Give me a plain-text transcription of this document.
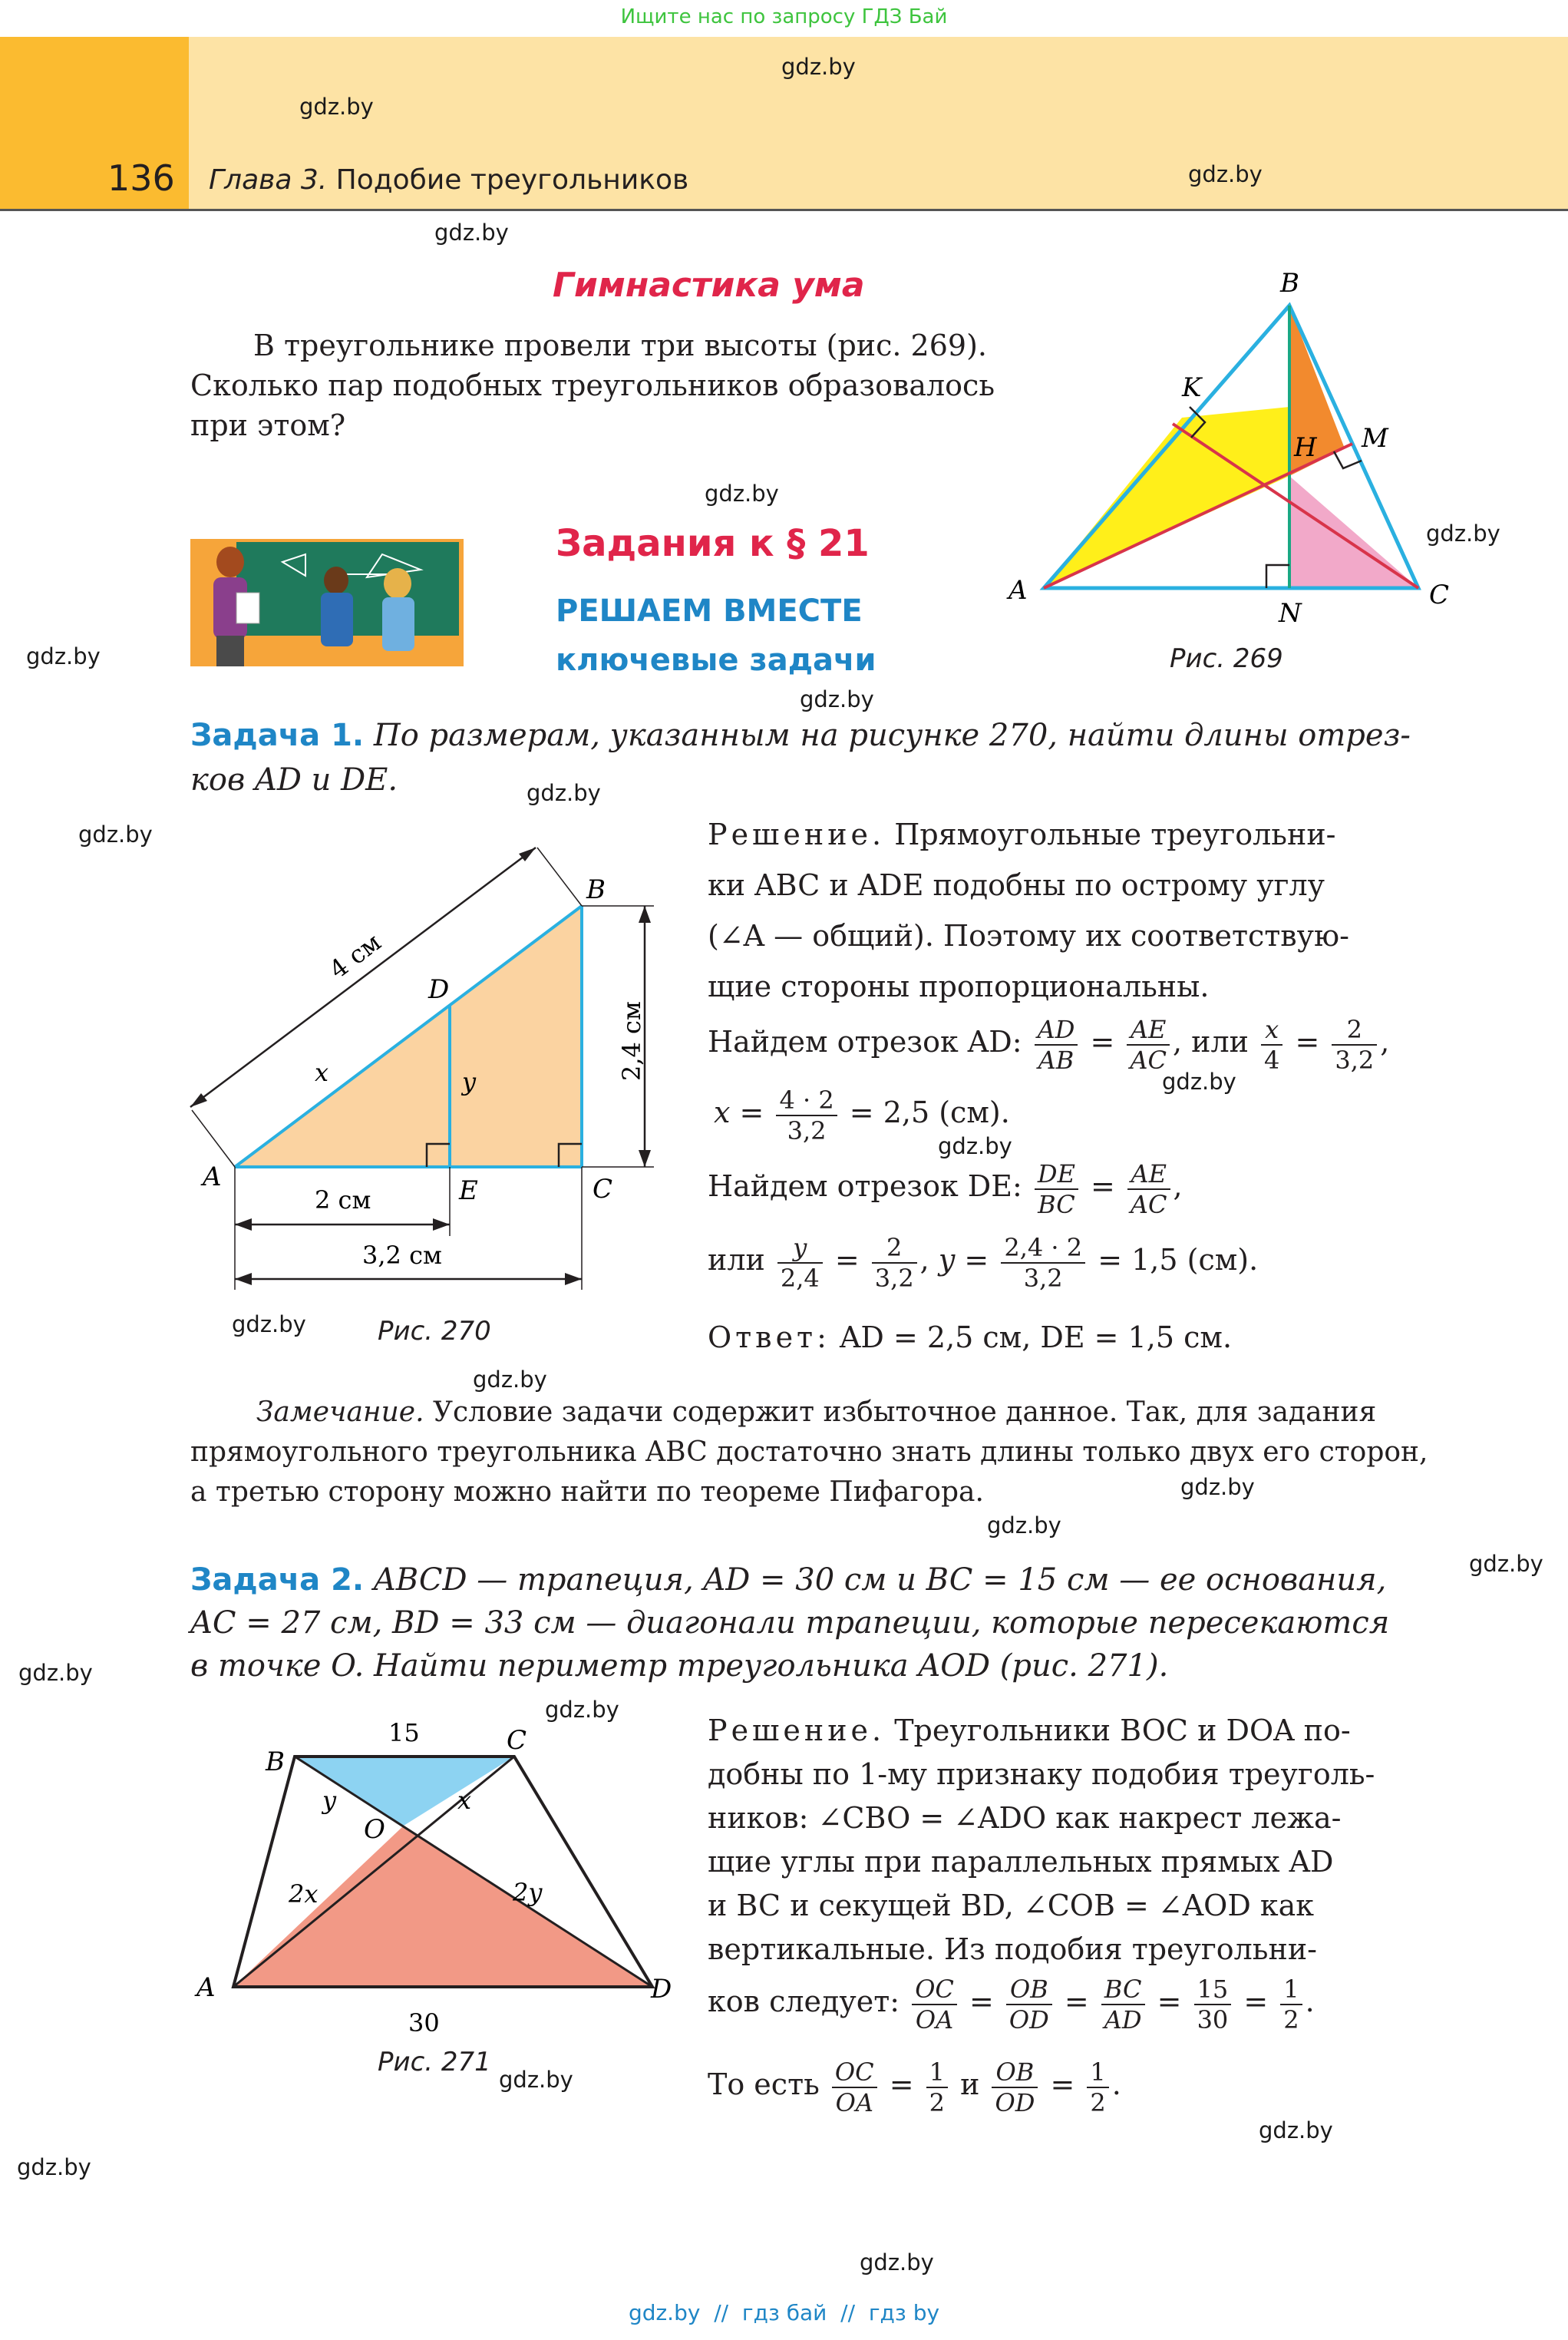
Ищите нас по запросу ГДЗ Бай
136 Глава 3. Подобие треугольников
gdz.by
gdz.by
gdz.by
gdz.by
gdz.by
gdz.by
gdz.by
gdz.by
gdz.by
gdz.by
gdz.by
gdz.by
gdz.by
gdz.by
gdz.by
gdz.by
gdz.by
gdz.by
gdz.by
gdz.by
gdz.by
gdz.by
gdz.by
Гимнастика ума
В треугольнике провели три высоты (рис. 269).
Сколько пар подобных треугольников образовалось
при этом?
B
K
H M
A	C
N
Рис. 269
Задания к § 21
РЕШАЕМ ВМЕСТЕ
ключевые задачи
Задача 1. По размерам, указанным на рисунке 270, найти длины отрез-
ков AD и DE.
A
B
C
D
E
x	y
4 см
2,4 см
2 см
3,2 см
Рис. 270
Решение. Прямоугольные треугольни-
ки ABC и ADE подобны по острому углу
(∠A — общий). Поэтому их соответствую-
щие стороны пропорциональны.
Найдем отрезок AD: $\frac{AD}{AB} = \frac{AE}{AC}$ , или $\frac{x}{4} = \frac{2}{3,2}$ ,
$x = \frac{4 \cdot 2}{3,2} = 2,5$ (см).
Найдем отрезок DE: $\frac{DE}{BC} = \frac{AE}{AC}$ ,
или $\frac{y}{2,4} = \frac{2}{3,2}$ , $y = \frac{2,4 \cdot 2}{3,2} = 1,5$ (см).
Ответ: AD = 2,5 см, DE = 1,5 см.
Замечание. Условие задачи содержит избыточное данное. Так, для задания
прямоугольного треугольника ABC достаточно знать длины только двух его сторон,
а третью сторону можно найти по теореме Пифагора.
Задача 2. ABCD — трапеция, AD = 30 см и BC = 15 см — ее основания,
AC = 27 см, BD = 33 см — диагонали трапеции, которые пересекаются
в точке O. Найти периметр треугольника AOD (рис. 271).
B
C
A	D
O
15
30
y	x
2x	2y
Рис. 271
Решение. Треугольники BOC и DOA по-
добны по 1-му признаку подобия треуголь-
ников: ∠CBO = ∠ADO как накрест лежа-
щие углы при параллельных прямых AD
и BC и секущей BD, ∠COB = ∠AOD как
вертикальные. Из подобия треугольни-
ков следует: $\frac{OC}{OA} = \frac{OB}{OD} = \frac{BC}{AD} = \frac{15}{30} = \frac{1}{2}$ .
То есть $\frac{OC}{OA} = \frac{1}{2}$ и $\frac{OB}{OD} = \frac{1}{2}$ .
gdz.by  //  гдз бай  //  гдз by
